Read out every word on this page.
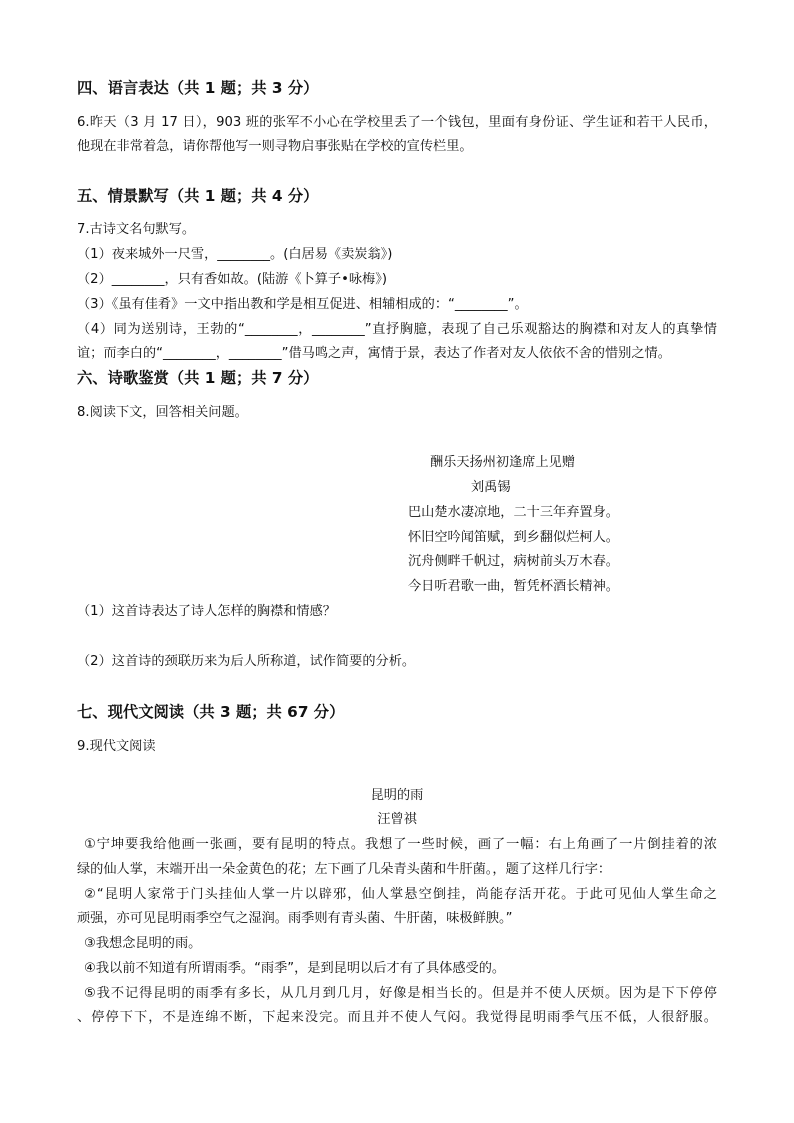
四、语言表达（共 1 题；共 3 分）
6.昨天（3 月 17 日），903 班的张军不小心在学校里丢了一个钱包，里面有身份证、学生证和若干人民币，
他现在非常着急，请你帮他写一则寻物启事张贴在学校的宣传栏里。
五、情景默写（共 1 题；共 4 分）
7.古诗文名句默写。
（1）夜来城外一尺雪，________。(白居易《卖炭翁》)
（2）________，只有香如故。(陆游《卜算子•咏梅》)
（3）《虽有佳肴》一文中指出教和学是相互促进、相辅相成的：“________”。
（4）同为送别诗，王勃的“________，________”直抒胸臆，表现了自己乐观豁达的胸襟和对友人的真挚情
谊；而李白的“________，________”借马鸣之声，寓情于景，表达了作者对友人依依不舍的惜别之情。
六、诗歌鉴赏（共 1 题；共 7 分）
8.阅读下文，回答相关问题。
酬乐天扬州初逢席上见赠
刘禹锡
巴山楚水凄凉地，二十三年弃置身。
怀旧空吟闻笛赋，到乡翻似烂柯人。
沉舟侧畔千帆过，病树前头万木春。
今日听君歌一曲，暂凭杯酒长精神。
（1）这首诗表达了诗人怎样的胸襟和情感？
（2）这首诗的颈联历来为后人所称道，试作简要的分析。
七、现代文阅读（共 3 题；共 67 分）
9.现代文阅读
昆明的雨
汪曾祺
①宁坤要我给他画一张画，要有昆明的特点。我想了一些时候，画了一幅：右上角画了一片倒挂着的浓
绿的仙人掌，末端开出一朵金黄色的花；左下画了几朵青头菌和牛肝菌。，题了这样几行字：
②“昆明人家常于门头挂仙人掌一片以辟邪，仙人掌悬空倒挂，尚能存活开花。于此可见仙人掌生命之
顽强，亦可见昆明雨季空气之湿润。雨季则有青头菌、牛肝菌，味极鲜腴。”
③我想念昆明的雨。
④我以前不知道有所谓雨季。“雨季”，是到昆明以后才有了具体感受的。
⑤我不记得昆明的雨季有多长，从几月到几月，好像是相当长的。但是并不使人厌烦。因为是下下停停
、停停下下，不是连绵不断，下起来没完。而且并不使人气闷。我觉得昆明雨季气压不低，人很舒服。
